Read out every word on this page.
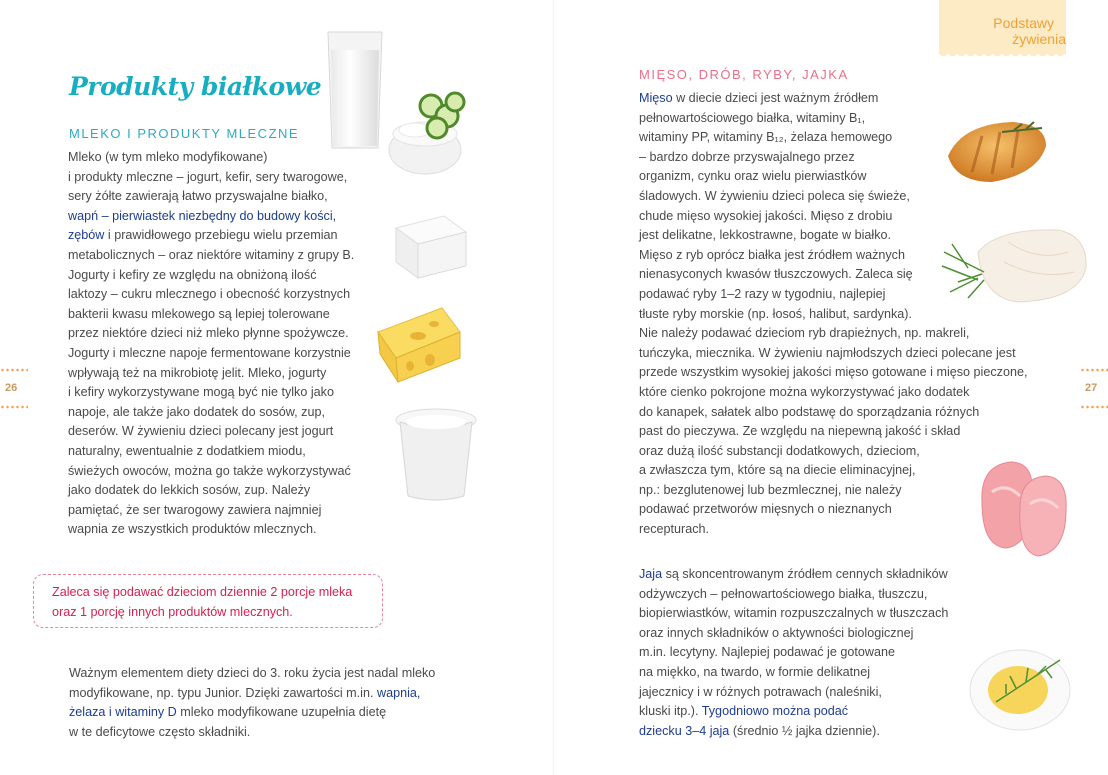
Produkty białkowe
MLEKO I PRODUKTY MLECZNE
Mleko (w tym mleko modyfikowane)
i produkty mleczne – jogurt, kefir, sery twarogowe,
sery żółte zawierają łatwo przyswajalne białko,
wapń – pierwiastek niezbędny do budowy kości,
zębów i prawidłowego przebiegu wielu przemian
metabolicznych – oraz niektóre witaminy z grupy B.
Jogurty i kefiry ze względu na obniżoną ilość
laktozy – cukru mlecznego i obecność korzystnych
bakterii kwasu mlekowego są lepiej tolerowane
przez niektóre dzieci niż mleko płynne spożywcze.
Jogurty i mleczne napoje fermentowane korzystnie
wpływają też na mikrobiotę jelit. Mleko, jogurty
i kefiry wykorzystywane mogą być nie tylko jako
napoje, ale także jako dodatek do sosów, zup,
deserów. W żywieniu dzieci polecany jest jogurt
naturalny, ewentualnie z dodatkiem miodu,
świeżych owoców, można go także wykorzystywać
jako dodatek do lekkich sosów, zup. Należy
pamiętać, że ser twarogowy zawiera najmniej
wapnia ze wszystkich produktów mlecznych.
Zaleca się podawać dzieciom dziennie 2 porcje mleka
oraz 1 porcję innych produktów mlecznych.
Ważnym elementem diety dzieci do 3. roku życia jest nadal mleko
modyfikowane, np. typu Junior. Dzięki zawartości m.in. wapnia,
żelaza i witaminy D mleko modyfikowane uzupełnia dietę
w te deficytowe często składniki.
26
Podstawy
żywienia
MIĘSO, DRÓB, RYBY, JAJKA
Mięso w diecie dzieci jest ważnym źródłem
pełnowartościowego białka, witaminy B₁,
witaminy PP, witaminy B₁₂, żelaza hemowego
– bardzo dobrze przyswajalnego przez
organizm, cynku oraz wielu pierwiastków
śladowych. W żywieniu dzieci poleca się świeże,
chude mięso wysokiej jakości. Mięso z drobiu
jest delikatne, lekkostrawne, bogate w białko.
Mięso z ryb oprócz białka jest źródłem ważnych
nienasyconych kwasów tłuszczowych. Zaleca się
podawać ryby 1–2 razy w tygodniu, najlepiej
tłuste ryby morskie (np. łosoś, halibut, sardynka).
Nie należy podawać dzieciom ryb drapieżnych, np. makreli,
tuńczyka, miecznika. W żywieniu najmłodszych dzieci polecane jest
przede wszystkim wysokiej jakości mięso gotowane i mięso pieczone,
które cienko pokrojone można wykorzystywać jako dodatek
do kanapek, sałatek albo podstawę do sporządzania różnych
past do pieczywa. Ze względu na niepewną jakość i skład
oraz dużą ilość substancji dodatkowych, dzieciom,
a zwłaszcza tym, które są na diecie eliminacyjnej,
np.: bezglutenowej lub bezmlecznej, nie należy
podawać przetworów mięsnych o nieznanych
recepturach.
Jaja są skoncentrowanym źródłem cennych składników
odżywczych – pełnowartościowego białka, tłuszczu,
biopierwiastków, witamin rozpuszczalnych w tłuszczach
oraz innych składników o aktywności biologicznej
m.in. lecytyny. Najlepiej podawać je gotowane
na miękko, na twardo, w formie delikatnej
jajecznicy i w różnych potrawach (naleśniki,
kluski itp.). Tygodniowo można podać
dziecku 3–4 jaja (średnio ½ jajka dziennie).
27
